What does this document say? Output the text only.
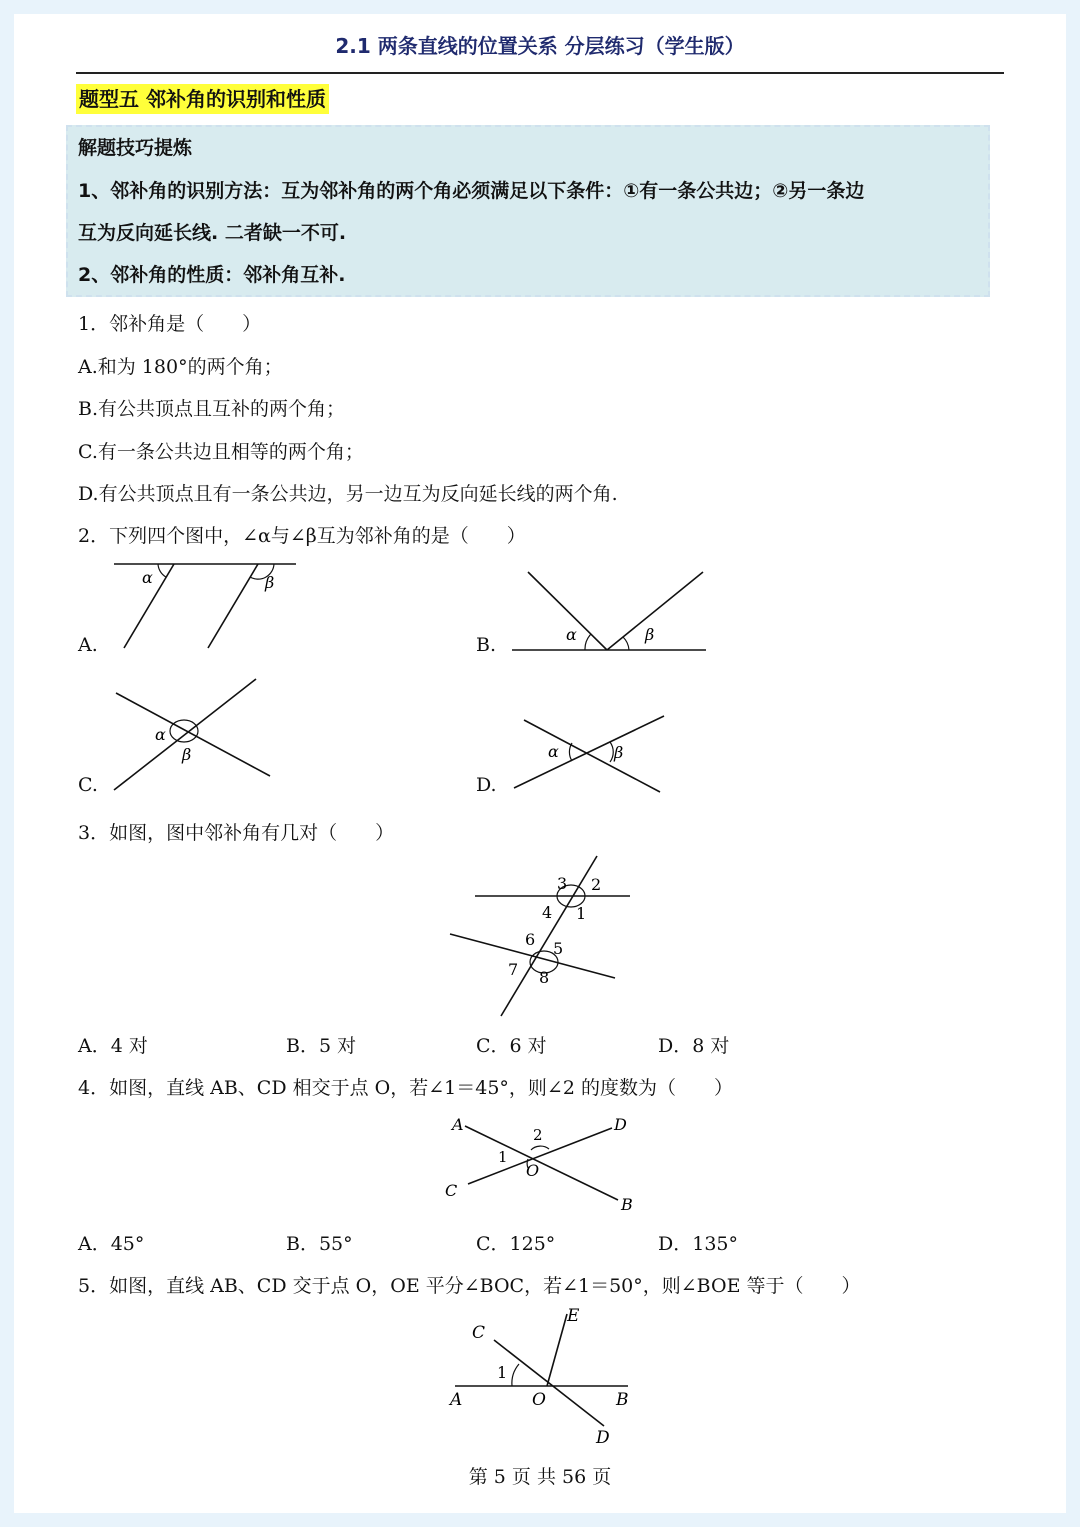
2.1 两条直线的位置关系 分层练习（学生版）
题型五 邻补角的识别和性质
解题技巧提炼
1、邻补角的识别方法：互为邻补角的两个角必须满足以下条件：①有一条公共边；②另一条边
互为反向延长线. 二者缺一不可.
2、邻补角的性质：邻补角互补.
1．邻补角是（　　）
A.和为 180°的两个角；
B.有公共顶点且互补的两个角；
C.有一条公共边且相等的两个角；
D.有公共顶点且有一条公共边，另一边互为反向延长线的两个角.
2．下列四个图中，∠α与∠β互为邻补角的是（　　）
A.	B.
C.	D.
α	β
α	β
α
β	α	β
3．如图，图中邻补角有几对（　　）
3 2
4 1
6 5
7 8
A．4 对	B．5 对	C．6 对	D．8 对
4．如图，直线 AB、CD 相交于点 O，若∠1＝45°，则∠2 的度数为（　　）
A	D
C
B
O
1
2
A．45°	B．55°	C．125°	D．135°
5．如图，直线 AB、CD 交于点 O，OE 平分∠BOC，若∠1＝50°，则∠BOE 等于（　　）
C
E
1
A	O	B
D
第 5 页 共 56 页
